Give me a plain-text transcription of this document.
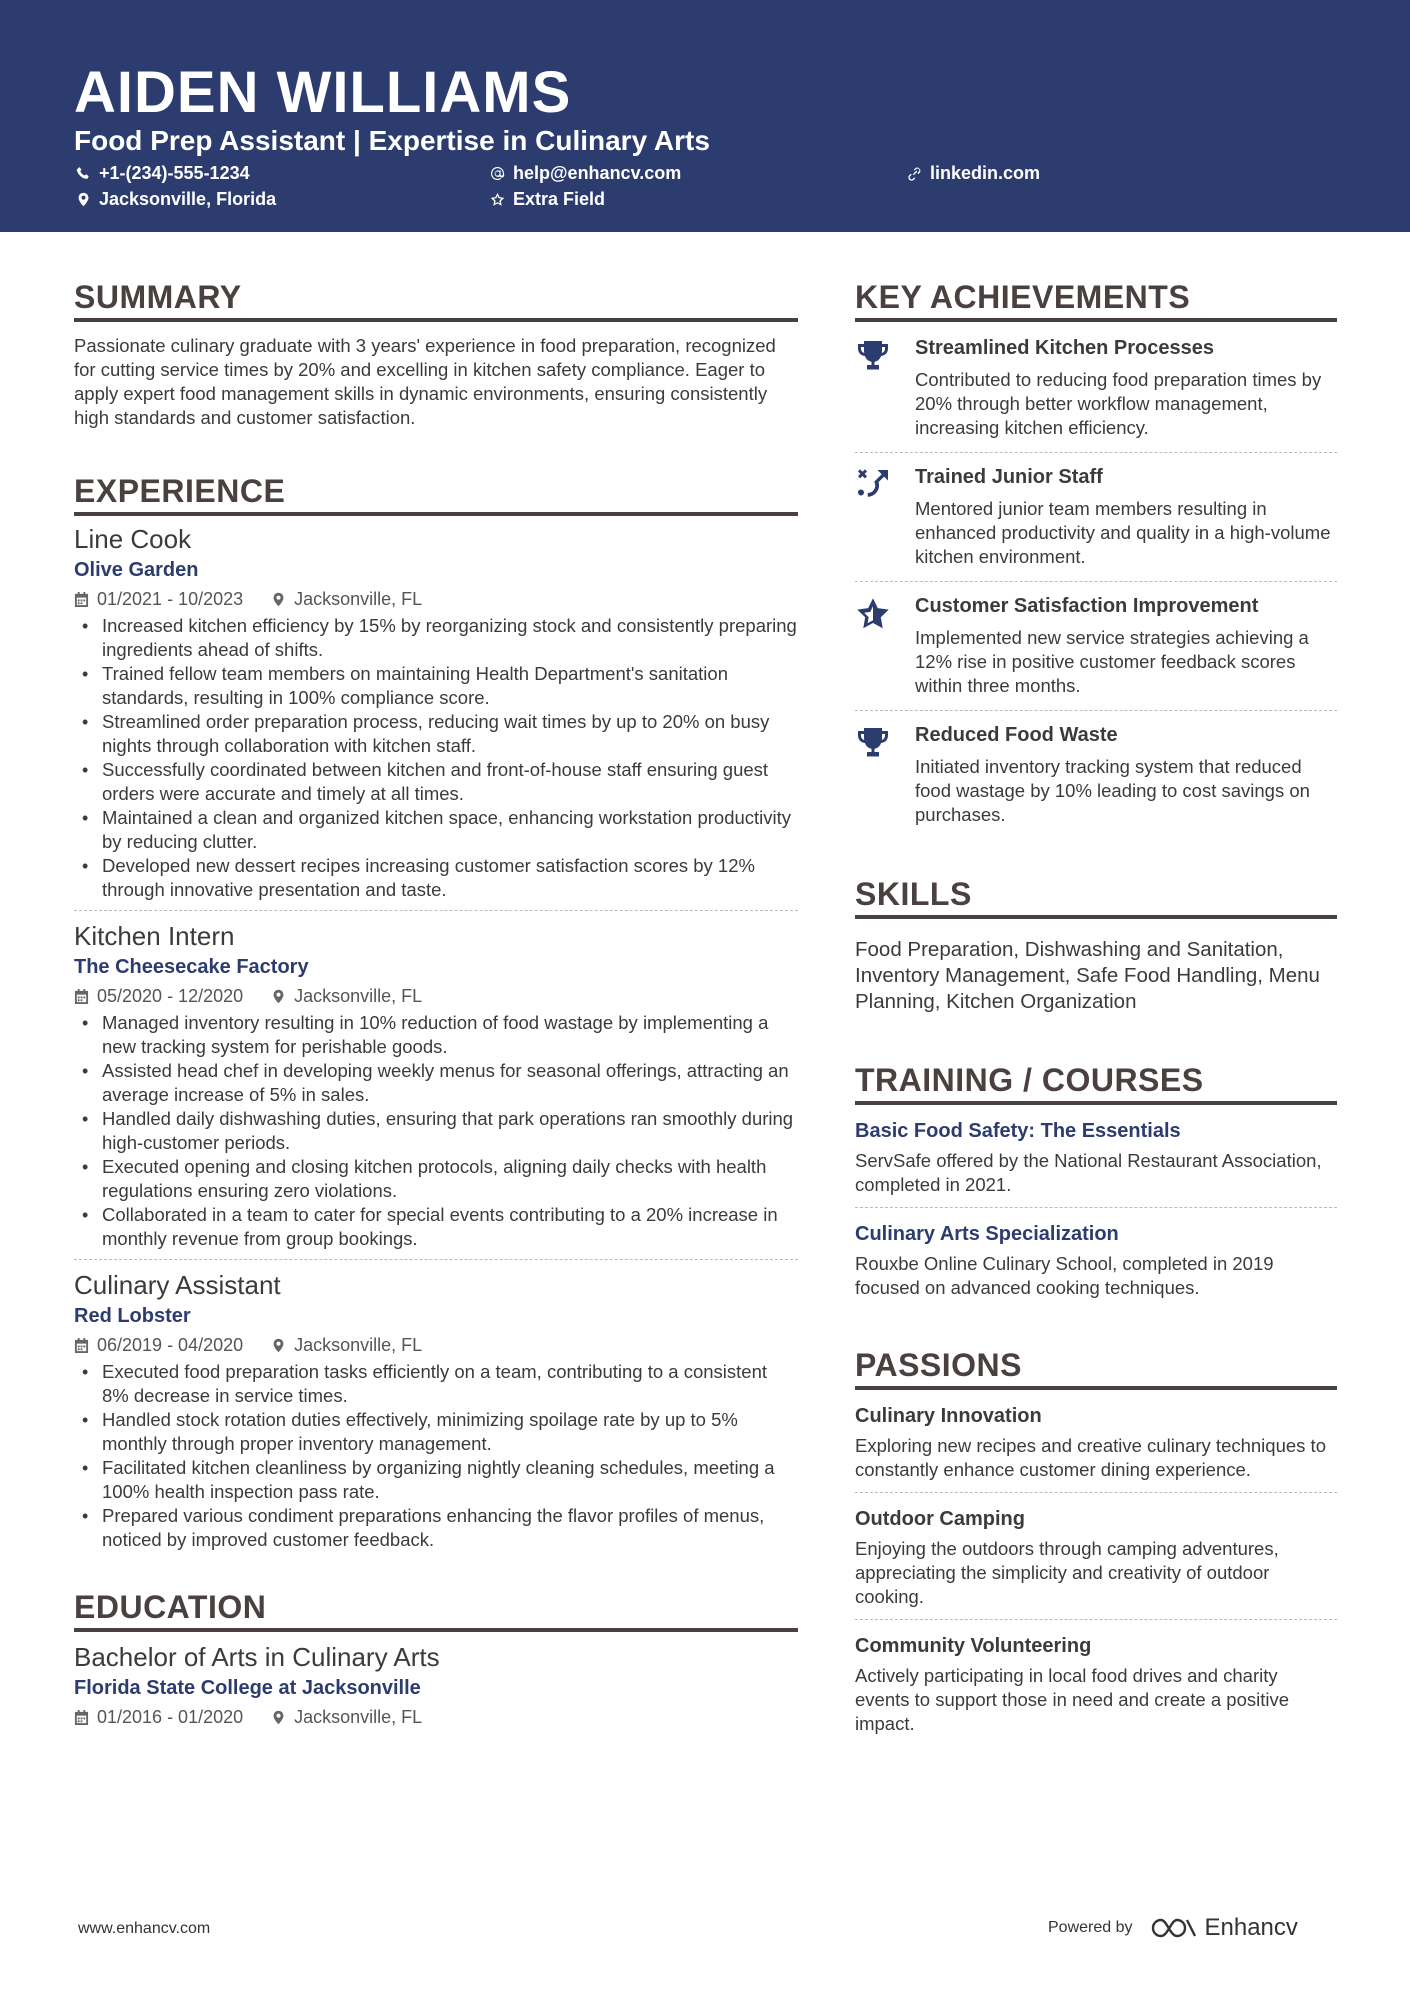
AIDEN WILLIAMS
Food Prep Assistant | Expertise in Culinary Arts
+1-(234)-555-1234	help@enhancv.com	linkedin.com
Jacksonville, Florida	Extra Field
SUMMARY

Passionate culinary graduate with 3 years' experience in food preparation, recognized for cutting service times by 20% and excelling in kitchen safety compliance. Eager to apply expert food management skills in dynamic environments, ensuring consistently high standards and customer satisfaction.

EXPERIENCE
Line Cook
Olive Garden
01/2021 - 10/2023	Jacksonville, FL
• Increased kitchen efficiency by 15% by reorganizing stock and consistently preparing ingredients ahead of shifts.
• Trained fellow team members on maintaining Health Department's sanitation standards, resulting in 100% compliance score.
• Streamlined order preparation process, reducing wait times by up to 20% on busy nights through collaboration with kitchen staff.
• Successfully coordinated between kitchen and front-of-house staff ensuring guest orders were accurate and timely at all times.
• Maintained a clean and organized kitchen space, enhancing workstation productivity by reducing clutter.
• Developed new dessert recipes increasing customer satisfaction scores by 12% through innovative presentation and taste.
Kitchen Intern
The Cheesecake Factory
05/2020 - 12/2020	Jacksonville, FL
• Managed inventory resulting in 10% reduction of food wastage by implementing a new tracking system for perishable goods.
• Assisted head chef in developing weekly menus for seasonal offerings, attracting an average increase of 5% in sales.
• Handled daily dishwashing duties, ensuring that park operations ran smoothly during high-customer periods.
• Executed opening and closing kitchen protocols, aligning daily checks with health regulations ensuring zero violations.
• Collaborated in a team to cater for special events contributing to a 20% increase in monthly revenue from group bookings.
Culinary Assistant
Red Lobster
06/2019 - 04/2020	Jacksonville, FL
• Executed food preparation tasks efficiently on a team, contributing to a consistent 8% decrease in service times.
• Handled stock rotation duties effectively, minimizing spoilage rate by up to 5% monthly through proper inventory management.
• Facilitated kitchen cleanliness by organizing nightly cleaning schedules, meeting a 100% health inspection pass rate.
• Prepared various condiment preparations enhancing the flavor profiles of menus, noticed by improved customer feedback.
EDUCATION
Bachelor of Arts in Culinary Arts
Florida State College at Jacksonville
01/2016 - 01/2020	Jacksonville, FL
KEY ACHIEVEMENTS
Streamlined Kitchen Processes
Contributed to reducing food preparation times by 20% through better workflow management, increasing kitchen efficiency.
Trained Junior Staff
Mentored junior team members resulting in enhanced productivity and quality in a high-volume kitchen environment.
Customer Satisfaction Improvement
Implemented new service strategies achieving a 12% rise in positive customer feedback scores within three months.
Reduced Food Waste
Initiated inventory tracking system that reduced food wastage by 10% leading to cost savings on purchases.
SKILLS

Food Preparation, Dishwashing and Sanitation, Inventory Management, Safe Food Handling, Menu Planning, Kitchen Organization

TRAINING / COURSES
Basic Food Safety: The Essentials
ServSafe offered by the National Restaurant Association, completed in 2021.
Culinary Arts Specialization
Rouxbe Online Culinary School, completed in 2019 focused on advanced cooking techniques.
PASSIONS
Culinary Innovation
Exploring new recipes and creative culinary techniques to constantly enhance customer dining experience.
Outdoor Camping
Enjoying the outdoors through camping adventures, appreciating the simplicity and creativity of outdoor cooking.
Community Volunteering
Actively participating in local food drives and charity events to support those in need and create a positive impact.
www.enhancv.com	Powered by	Enhancv
